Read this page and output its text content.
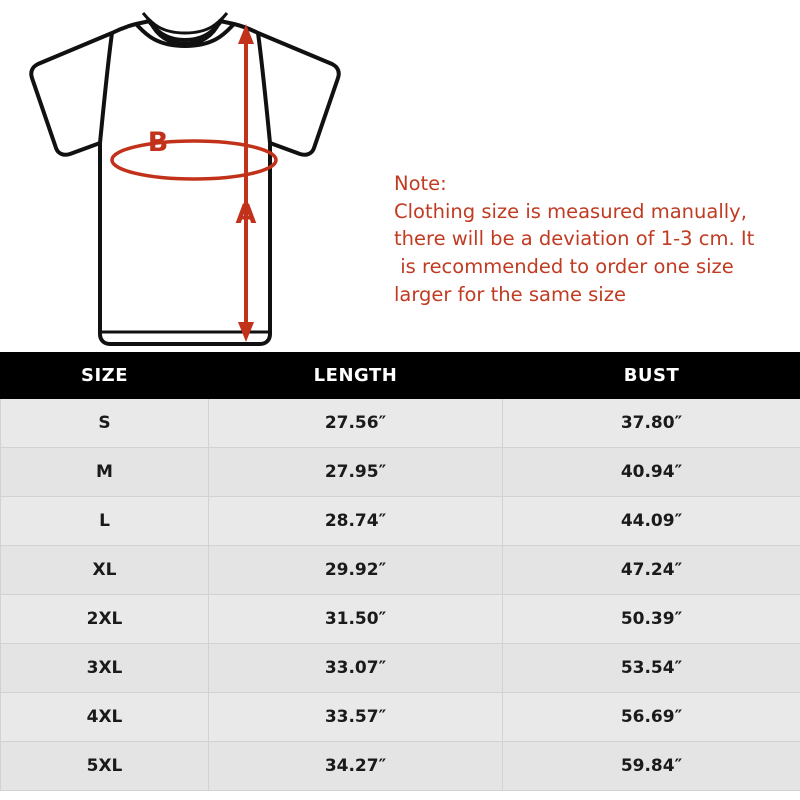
B
A
Note:
Clothing size is measured manually,
there will be a deviation of 1-3 cm. It
is recommended to order one size
larger for the same size
SIZE	LENGTH	BUST
S	27.56″	37.80″
M	27.95″	40.94″
L	28.74″	44.09″
XL	29.92″	47.24″
2XL	31.50″	50.39″
3XL	33.07″	53.54″
4XL	33.57″	56.69″
5XL	34.27″	59.84″
